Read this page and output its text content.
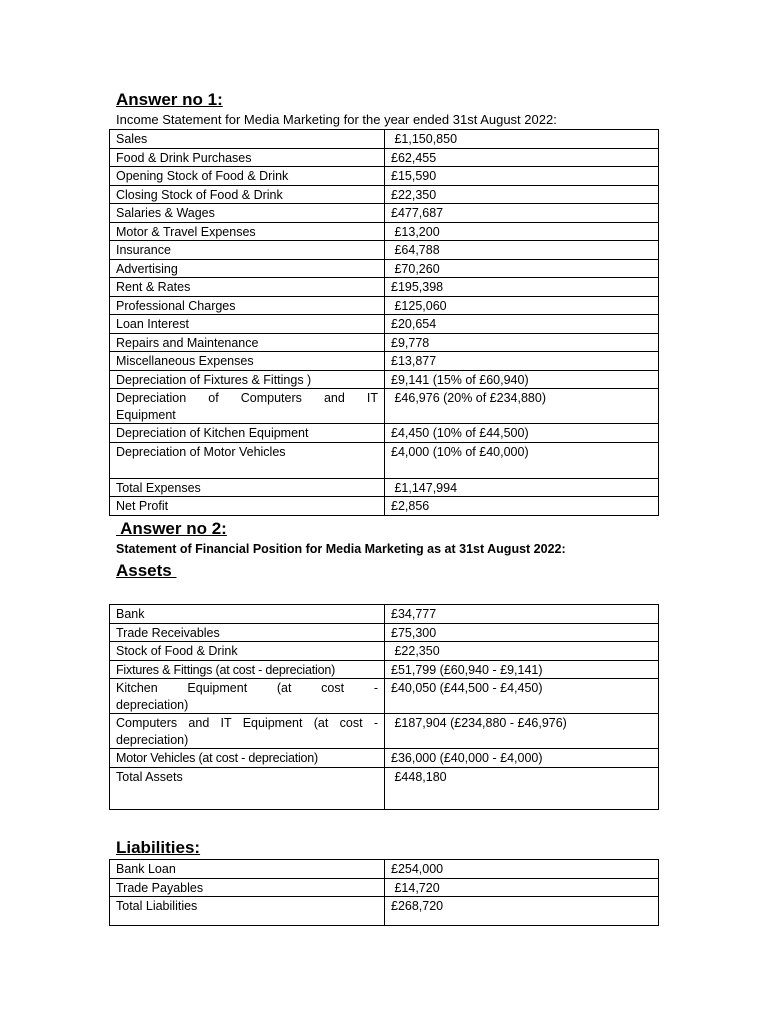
Answer no 1:

Income Statement for Media Marketing for the year ended 31st August 2022:

Sales	£1,150,850
Food & Drink Purchases	£62,455
Opening Stock of Food & Drink	£15,590
Closing Stock of Food & Drink	£22,350
Salaries & Wages	£477,687
Motor & Travel Expenses	£13,200
Insurance	£64,788
Advertising	£70,260
Rent & Rates	£195,398
Professional Charges	£125,060
Loan Interest	£20,654
Repairs and Maintenance	£9,778
Miscellaneous Expenses	£13,877
Depreciation of Fixtures & Fittings )	£9,141 (15% of £60,940)

Depreciation of Computers and IT
Equipment	£46,976 (20% of £234,880)
Depreciation of Kitchen Equipment	£4,450 (10% of £44,500)
Depreciation of Motor Vehicles	£4,000 (10% of £40,000)
Total Expenses	£1,147,994
Net Profit	£2,856
Answer no 2:

Statement of Financial Position for Media Marketing as at 31st August 2022:

Assets
Bank	£34,777
Trade Receivables	£75,300
Stock of Food & Drink	£22,350
Fixtures & Fittings (at cost - depreciation)	£51,799 (£60,940 - £9,141)

Kitchen Equipment (at cost -
depreciation)	£40,050 (£44,500 - £4,450)

Computers and IT Equipment (at cost -
depreciation)	£187,904 (£234,880 - £46,976)
Motor Vehicles (at cost - depreciation)	£36,000 (£40,000 - £4,000)
Total Assets	£448,180
Liabilities:
Bank Loan	£254,000
Trade Payables	£14,720
Total Liabilities	£268,720
